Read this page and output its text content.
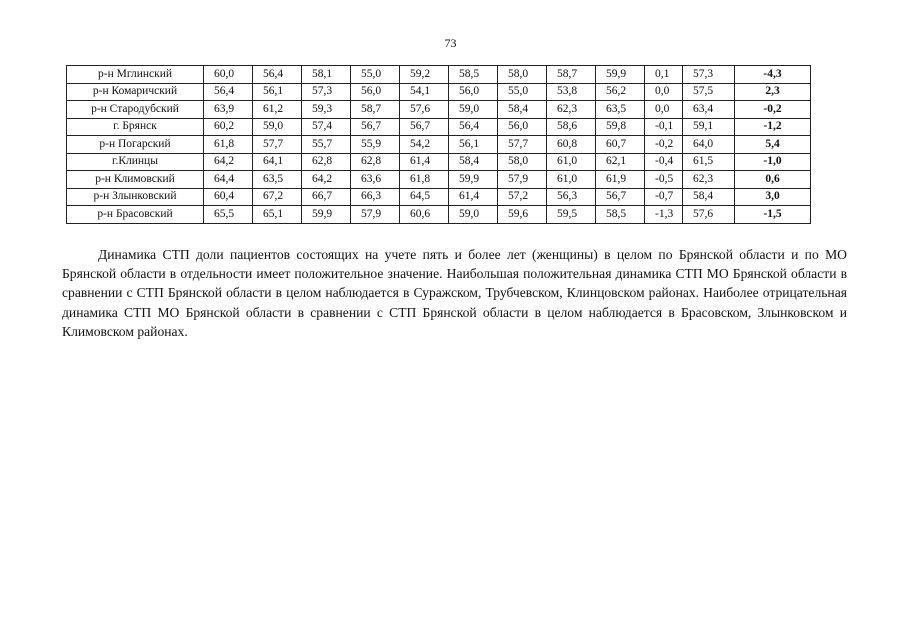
73
р-н Мглинский	60,0	56,4	58,1	55,0	59,2	58,5	58,0	58,7	59,9	0,1	57,3	-4,3
р-н Комаричский	56,4	56,1	57,3	56,0	54,1	56,0	55,0	53,8	56,2	0,0	57,5	2,3
р-н Стародубский	63,9	61,2	59,3	58,7	57,6	59,0	58,4	62,3	63,5	0,0	63,4	-0,2
г. Брянск	60,2	59,0	57,4	56,7	56,7	56,4	56,0	58,6	59,8	-0,1	59,1	-1,2
р-н Погарский	61,8	57,7	55,7	55,9	54,2	56,1	57,7	60,8	60,7	-0,2	64,0	5,4
г.Клинцы	64,2	64,1	62,8	62,8	61,4	58,4	58,0	61,0	62,1	-0,4	61,5	-1,0
р-н Климовский	64,4	63,5	64,2	63,6	61,8	59,9	57,9	61,0	61,9	-0,5	62,3	0,6
р-н Злынковский	60,4	67,2	66,7	66,3	64,5	61,4	57,2	56,3	56,7	-0,7	58,4	3,0
р-н Брасовский	65,5	65,1	59,9	57,9	60,6	59,0	59,6	59,5	58,5	-1,3	57,6	-1,5

Динамика СТП доли пациентов состоящих на учете пять и более лет (женщины) в целом по Брянской области и по МО Брянской области в отдельности имеет положительное значение. Наибольшая положительная динамика СТП МО Брянской области в сравнении с СТП Брянской области в целом наблюдается в Суражском, Трубчевском, Клинцовском районах. Наиболее отрицательная динамика СТП МО Брянской области в сравнении с СТП Брянской области в целом наблюдается в Брасовском, Злынковском и Климовском районах.
